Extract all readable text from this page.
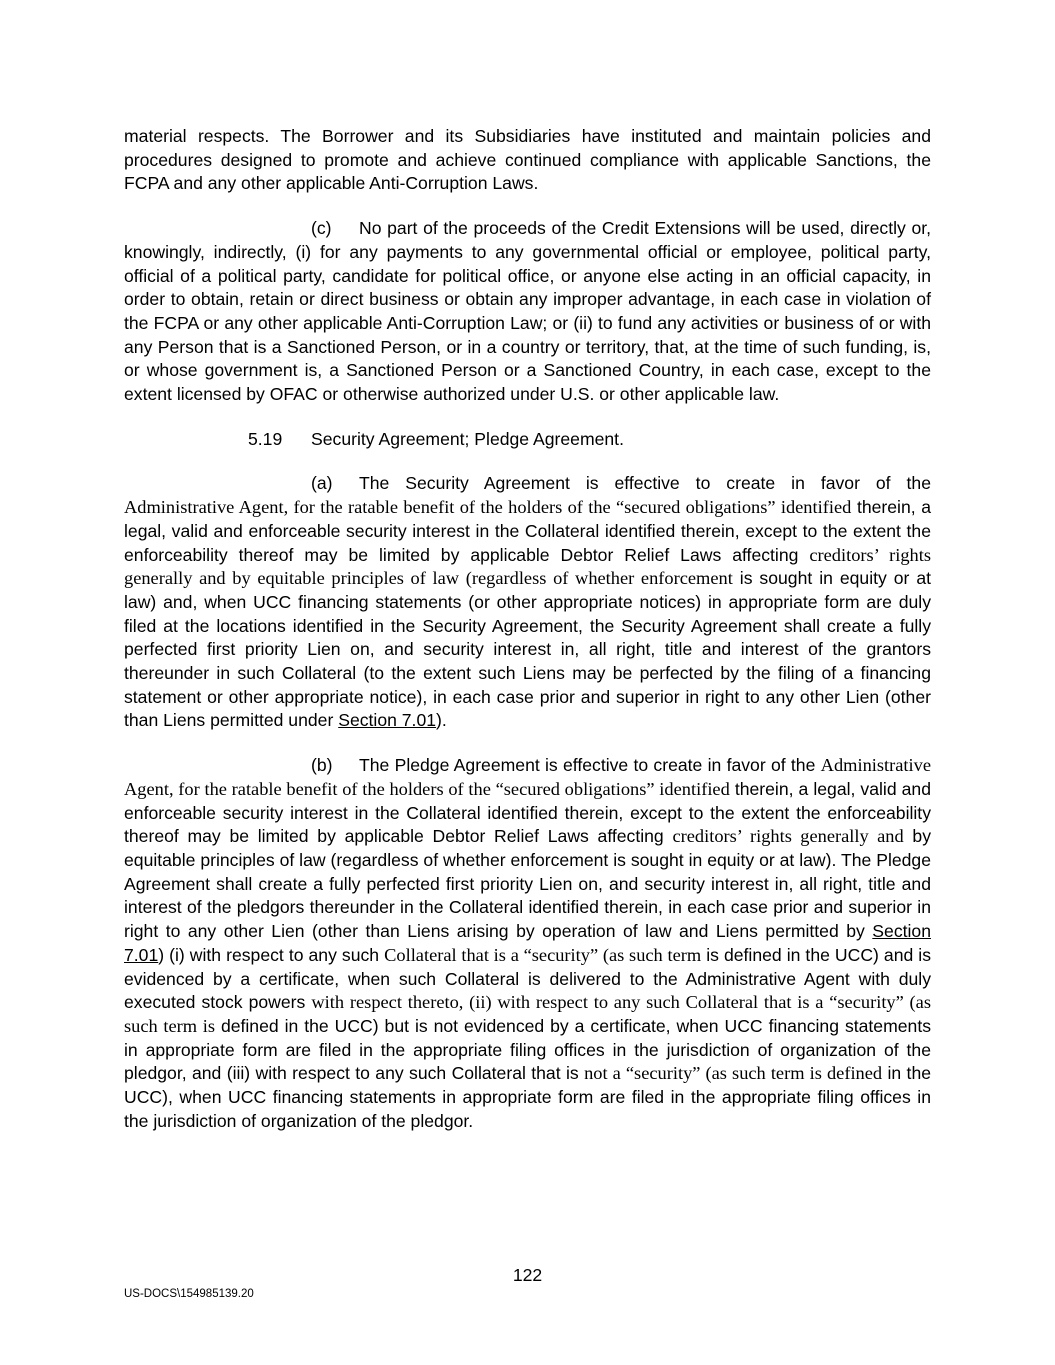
material respects. The Borrower and its Subsidiaries have instituted and maintain policies and procedures designed to promote and achieve continued compliance with applicable Sanctions, the FCPA and any other applicable Anti-Corruption Laws.

(c) No part of the proceeds of the Credit Extensions will be used, directly or, knowingly, indirectly, (i) for any payments to any governmental official or employee, political party, official of a political party, candidate for political office, or anyone else acting in an official capacity, in order to obtain, retain or direct business or obtain any improper advantage, in each case in violation of the FCPA or any other applicable Anti-Corruption Law; or (ii) to fund any activities or business of or with any Person that is a Sanctioned Person, or in a country or territory, that, at the time of such funding, is, or whose government is, a Sanctioned Person or a Sanctioned Country, in each case, except to the extent licensed by OFAC or otherwise authorized under U.S. or other applicable law.

5.19 Security Agreement; Pledge Agreement.

(a) The Security Agreement is effective to create in favor of the Administrative Agent, for the ratable benefit of the holders of the “secured obligations” identified therein, a legal, valid and enforceable security interest in the Collateral identified therein, except to the extent the enforceability thereof may be limited by applicable Debtor Relief Laws affecting creditors’ rights generally and by equitable principles of law (regardless of whether enforcement is sought in equity or at law) and, when UCC financing statements (or other appropriate notices) in appropriate form are duly filed at the locations identified in the Security Agreement, the Security Agreement shall create a fully perfected first priority Lien on, and security interest in, all right, title and interest of the grantors thereunder in such Collateral (to the extent such Liens may be perfected by the filing of a financing statement or other appropriate notice), in each case prior and superior in right to any other Lien (other than Liens permitted under Section 7.01).

(b) The Pledge Agreement is effective to create in favor of the Administrative Agent, for the ratable benefit of the holders of the “secured obligations” identified therein, a legal, valid and enforceable security interest in the Collateral identified therein, except to the extent the enforceability thereof may be limited by applicable Debtor Relief Laws affecting creditors’ rights generally and by equitable principles of law (regardless of whether enforcement is sought in equity or at law). The Pledge Agreement shall create a fully perfected first priority Lien on, and security interest in, all right, title and interest of the pledgors thereunder in the Collateral identified therein, in each case prior and superior in right to any other Lien (other than Liens arising by operation of law and Liens permitted by Section 7.01) (i) with respect to any such Collateral that is a “security” (as such term is defined in the UCC) and is evidenced by a certificate, when such Collateral is delivered to the Administrative Agent with duly executed stock powers with respect thereto, (ii) with respect to any such Collateral that is a “security” (as such term is defined in the UCC) but is not evidenced by a certificate, when UCC financing statements in appropriate form are filed in the appropriate filing offices in the jurisdiction of organization of the pledgor, and (iii) with respect to any such Collateral that is not a “security” (as such term is defined in the UCC), when UCC financing statements in appropriate form are filed in the appropriate filing offices in the jurisdiction of organization of the pledgor.

122
US-DOCS\154985139.20
